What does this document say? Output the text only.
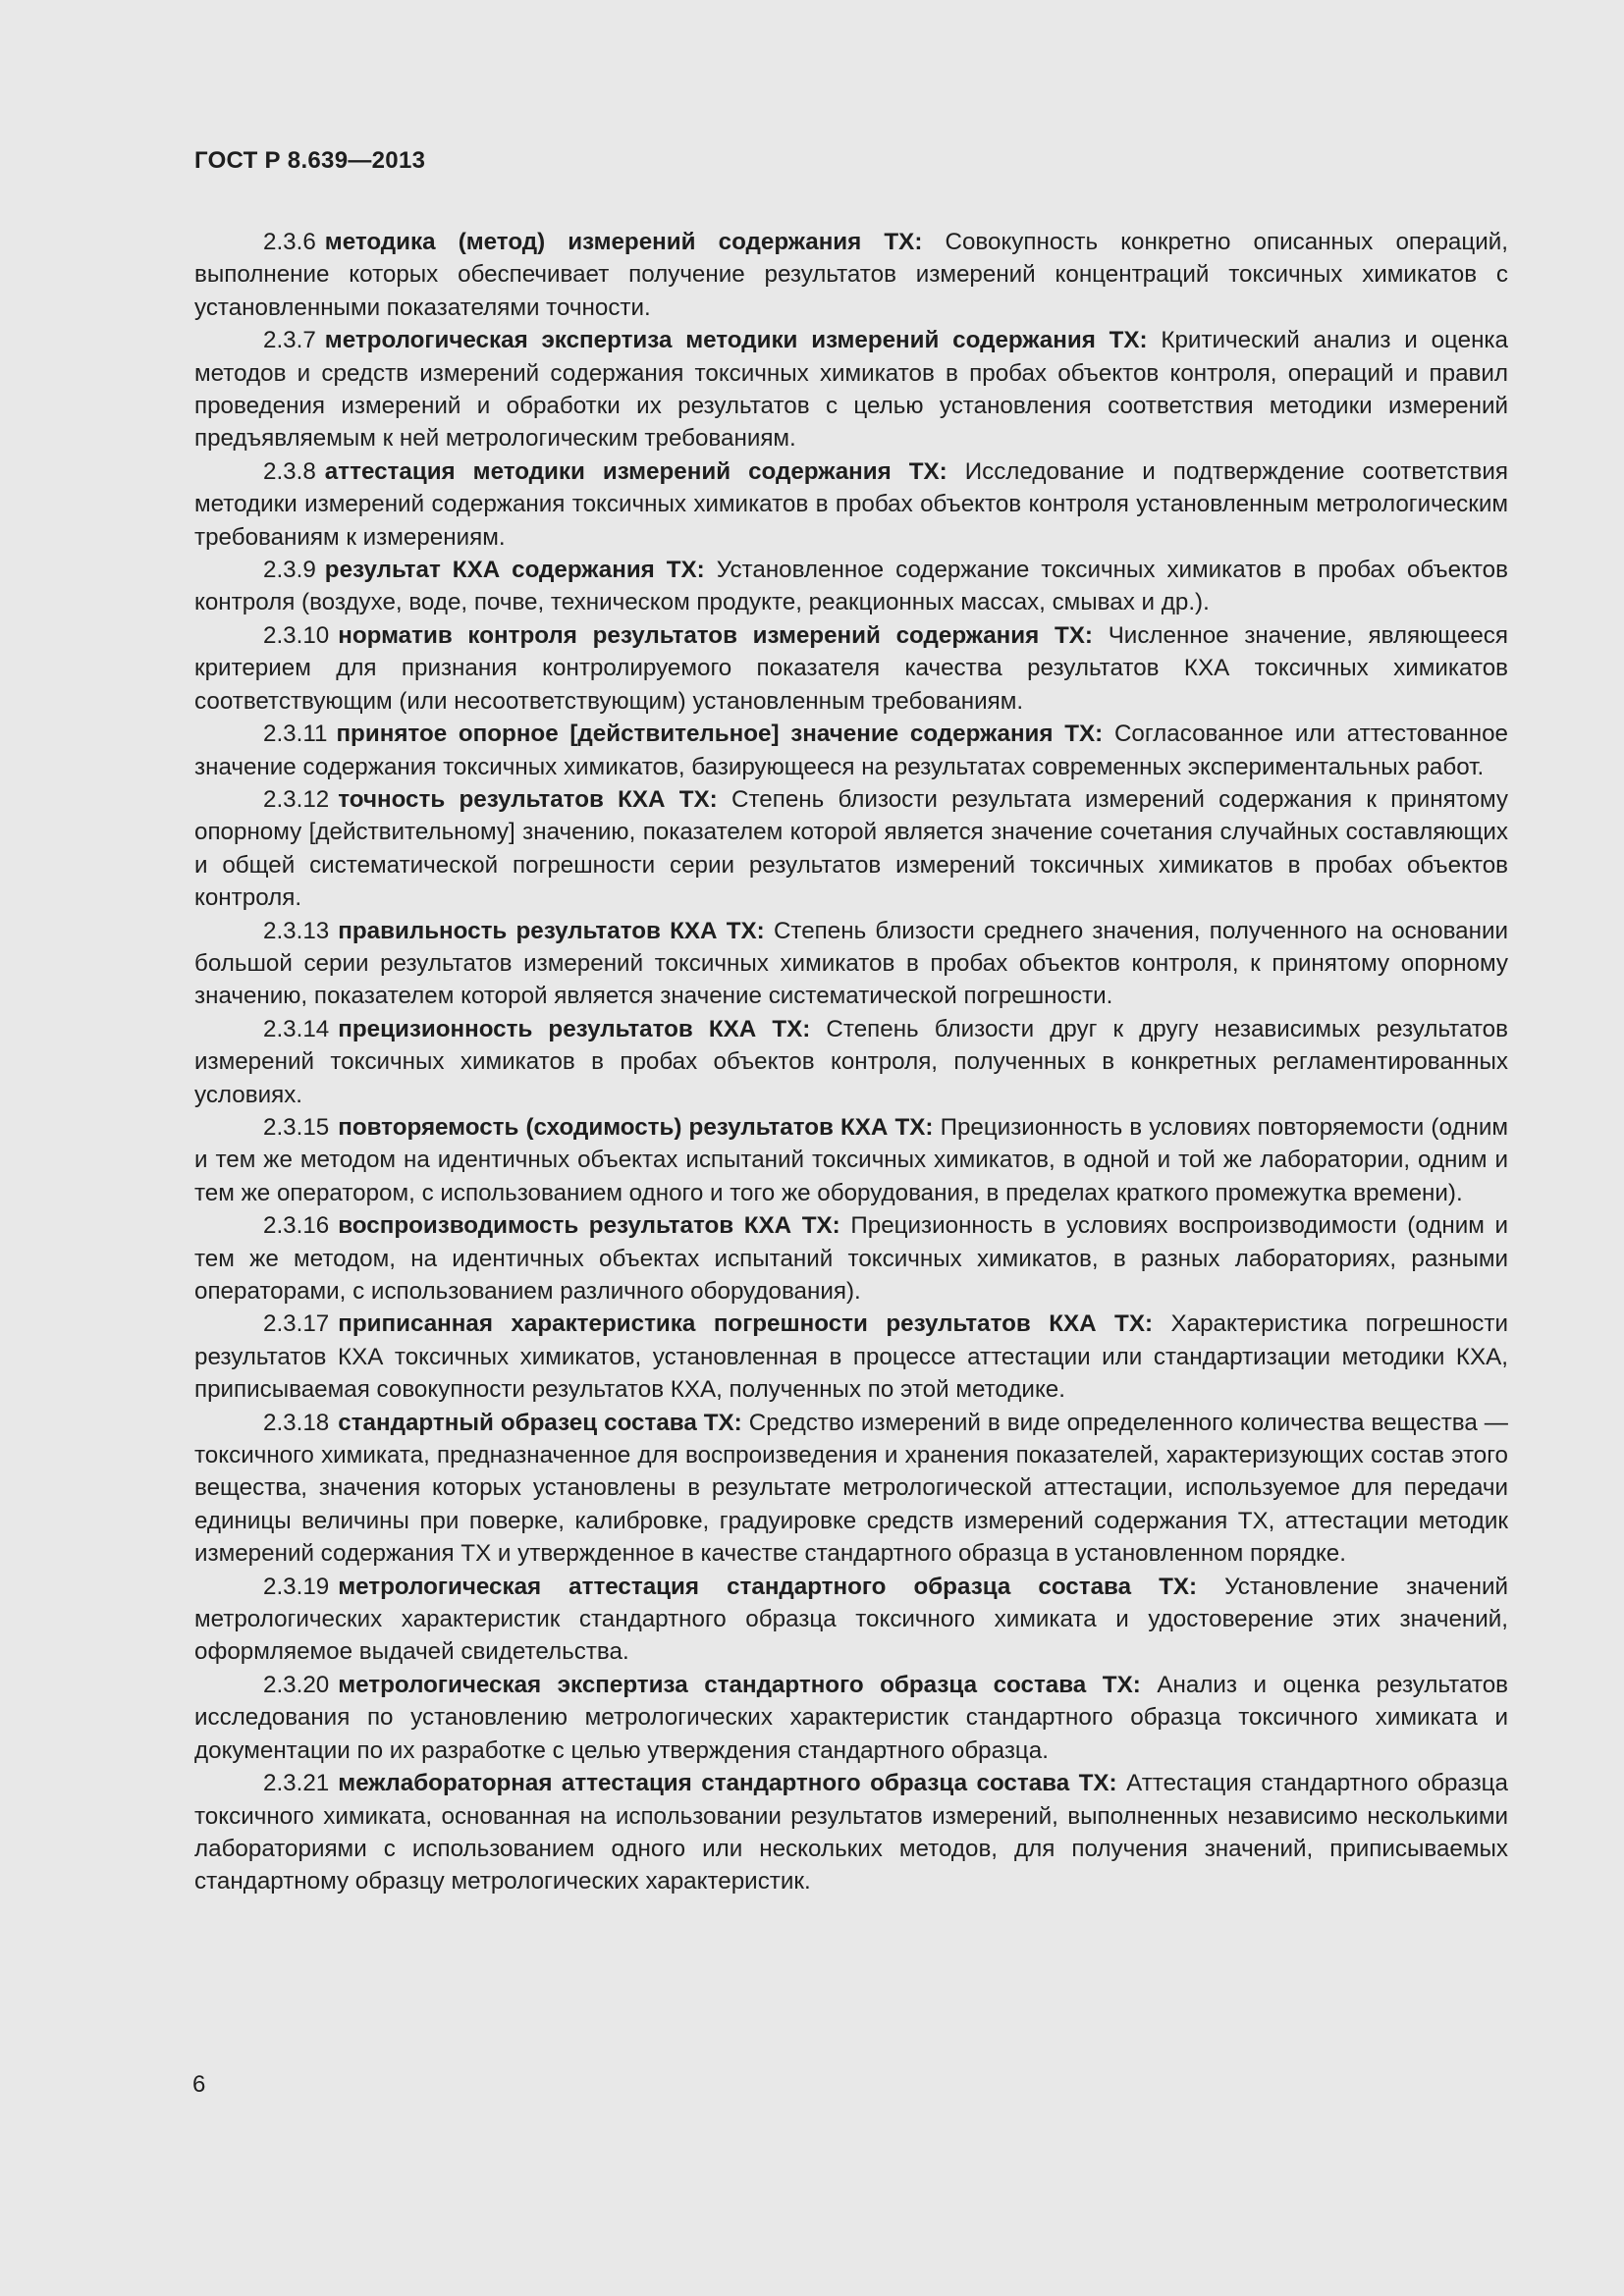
ГОСТ Р 8.639—2013

2.3.6 методика (метод) измерений содержания ТХ: Совокупность конкретно описанных операций, выполнение которых обеспечивает получение результатов измерений концентраций токсичных химикатов с установленными показателями точности.

2.3.7 метрологическая экспертиза методики измерений содержания ТХ: Критический анализ и оценка методов и средств измерений содержания токсичных химикатов в пробах объектов контроля, операций и правил проведения измерений и обработки их результатов с целью установления соответствия методики измерений предъявляемым к ней метрологическим требованиям.

2.3.8 аттестация методики измерений содержания ТХ: Исследование и подтверждение соответствия методики измерений содержания токсичных химикатов в пробах объектов контроля установленным метрологическим требованиям к измерениям.

2.3.9 результат КХА содержания ТХ: Установленное содержание токсичных химикатов в пробах объектов контроля (воздухе, воде, почве, техническом продукте, реакционных массах, смывах и др.).

2.3.10 норматив контроля результатов измерений содержания ТХ: Численное значение, являющееся критерием для признания контролируемого показателя качества результатов КХА токсичных химикатов соответствующим (или несоответствующим) установленным требованиям.

2.3.11 принятое опорное [действительное] значение содержания ТХ: Согласованное или аттестованное значение содержания токсичных химикатов, базирующееся на результатах современных экспериментальных работ.

2.3.12 точность результатов КХА ТХ: Степень близости результата измерений содержания к принятому опорному [действительному] значению, показателем которой является значение сочетания случайных составляющих и общей систематической погрешности серии результатов измерений токсичных химикатов в пробах объектов контроля.

2.3.13 правильность результатов КХА ТХ: Степень близости среднего значения, полученного на основании большой серии результатов измерений токсичных химикатов в пробах объектов контроля, к принятому опорному значению, показателем которой является значение систематической погрешности.

2.3.14 прецизионность результатов КХА ТХ: Степень близости друг к другу независимых результатов измерений токсичных химикатов в пробах объектов контроля, полученных в конкретных регламентированных условиях.

2.3.15 повторяемость (сходимость) результатов КХА ТХ: Прецизионность в условиях повторяемости (одним и тем же методом на идентичных объектах испытаний токсичных химикатов, в одной и той же лаборатории, одним и тем же оператором, с использованием одного и того же оборудования, в пределах краткого промежутка времени).

2.3.16 воспроизводимость результатов КХА ТХ: Прецизионность в условиях воспроизводимости (одним и тем же методом, на идентичных объектах испытаний токсичных химикатов, в разных лабораториях, разными операторами, с использованием различного оборудования).

2.3.17 приписанная характеристика погрешности результатов КХА ТХ: Характеристика погрешности результатов КХА токсичных химикатов, установленная в процессе аттестации или стандартизации методики КХА, приписываемая совокупности результатов КХА, полученных по этой методике.

2.3.18 стандартный образец состава ТХ: Средство измерений в виде определенного количества вещества — токсичного химиката, предназначенное для воспроизведения и хранения показателей, характеризующих состав этого вещества, значения которых установлены в результате метрологической аттестации, используемое для передачи единицы величины при поверке, калибровке, градуировке средств измерений содержания ТХ, аттестации методик измерений содержания ТХ и утвержденное в качестве стандартного образца в установленном порядке.

2.3.19 метрологическая аттестация стандартного образца состава ТХ: Установление значений метрологических характеристик стандартного образца токсичного химиката и удостоверение этих значений, оформляемое выдачей свидетельства.

2.3.20 метрологическая экспертиза стандартного образца состава ТХ: Анализ и оценка результатов исследования по установлению метрологических характеристик стандартного образца токсичного химиката и документации по их разработке с целью утверждения стандартного образца.

2.3.21 межлабораторная аттестация стандартного образца состава ТХ: Аттестация стандартного образца токсичного химиката, основанная на использовании результатов измерений, выполненных независимо несколькими лабораториями с использованием одного или нескольких методов, для получения значений, приписываемых стандартному образцу метрологических характеристик.

6
